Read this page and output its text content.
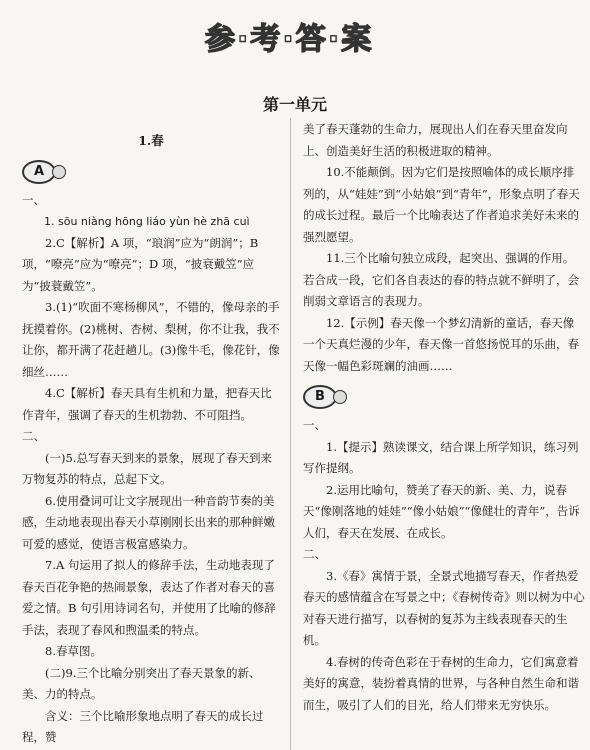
参·考·答·案
第一单元

1.春

A

一、

1. sōu niàng hōng liáo yùn hè zhā cuì

2.C【解析】A 项，“琅润”应为“朗润”；B 项，“嘹亮”应为“嘹亮”；D 项，“披衰戴笠”应为“披蓑戴笠”。

3.(1)“吹面不寒杨柳风”，不错的，像母亲的手抚摸着你。(2)桃树、杏树、梨树，你不让我，我不让你，都开满了花赶趟儿。(3)像牛毛，像花针，像细丝……

4.C【解析】春天具有生机和力量，把春天比作青年，强调了春天的生机勃勃、不可阻挡。

二、

(一)5.总写春天到来的景象，展现了春天到来万物复苏的特点，总起下文。

6.使用叠词可让文字展现出一种音韵节奏的美感，生动地表现出春天小草刚刚长出来的那种鲜嫩可爱的感觉，使语言极富感染力。

7.A 句运用了拟人的修辞手法，生动地表现了春天百花争艳的热闹景象，表达了作者对春天的喜爱之情。B 句引用诗词名句，并使用了比喻的修辞手法，表现了春风和煦温柔的特点。

8.春草图。

(二)9.三个比喻分别突出了春天景象的新、美、力的特点。

含义：三个比喻形象地点明了春天的成长过程，赞

美了春天蓬勃的生命力，展现出人们在春天里奋发向上、创造美好生活的积极进取的精神。

10.不能颠倒。因为它们是按照喻体的成长顺序排列的，从“娃娃”到“小姑娘”到“青年”，形象点明了春天的成长过程。最后一个比喻表达了作者追求美好未来的强烈愿望。

11.三个比喻句独立成段，起突出、强调的作用。若合成一段，它们各自表达的春的特点就不鲜明了，会削弱文章语言的表现力。

12.【示例】春天像一个梦幻清新的童话，春天像一个天真烂漫的少年，春天像一首悠扬悦耳的乐曲，春天像一幅色彩斑斓的油画……

B

一、

1.【提示】熟读课文，结合课上所学知识，练习列写作提纲。

2.运用比喻句，赞美了春天的新、美、力，说春天“像刚落地的娃娃”“像小姑娘”“像健壮的青年”，告诉人们，春天在发展、在成长。

二、

3.《春》寓情于景，全景式地描写春天，作者热爱春天的感情蕴含在写景之中；《春树传奇》则以树为中心对春天进行描写，以春树的复苏为主线表现春天的生机。

4.春树的传奇色彩在于春树的生命力，它们寓意着美好的寓意，装扮着真情的世界，与各种自然生命和谐而生，吸引了人们的目光，给人们带来无穷快乐。
